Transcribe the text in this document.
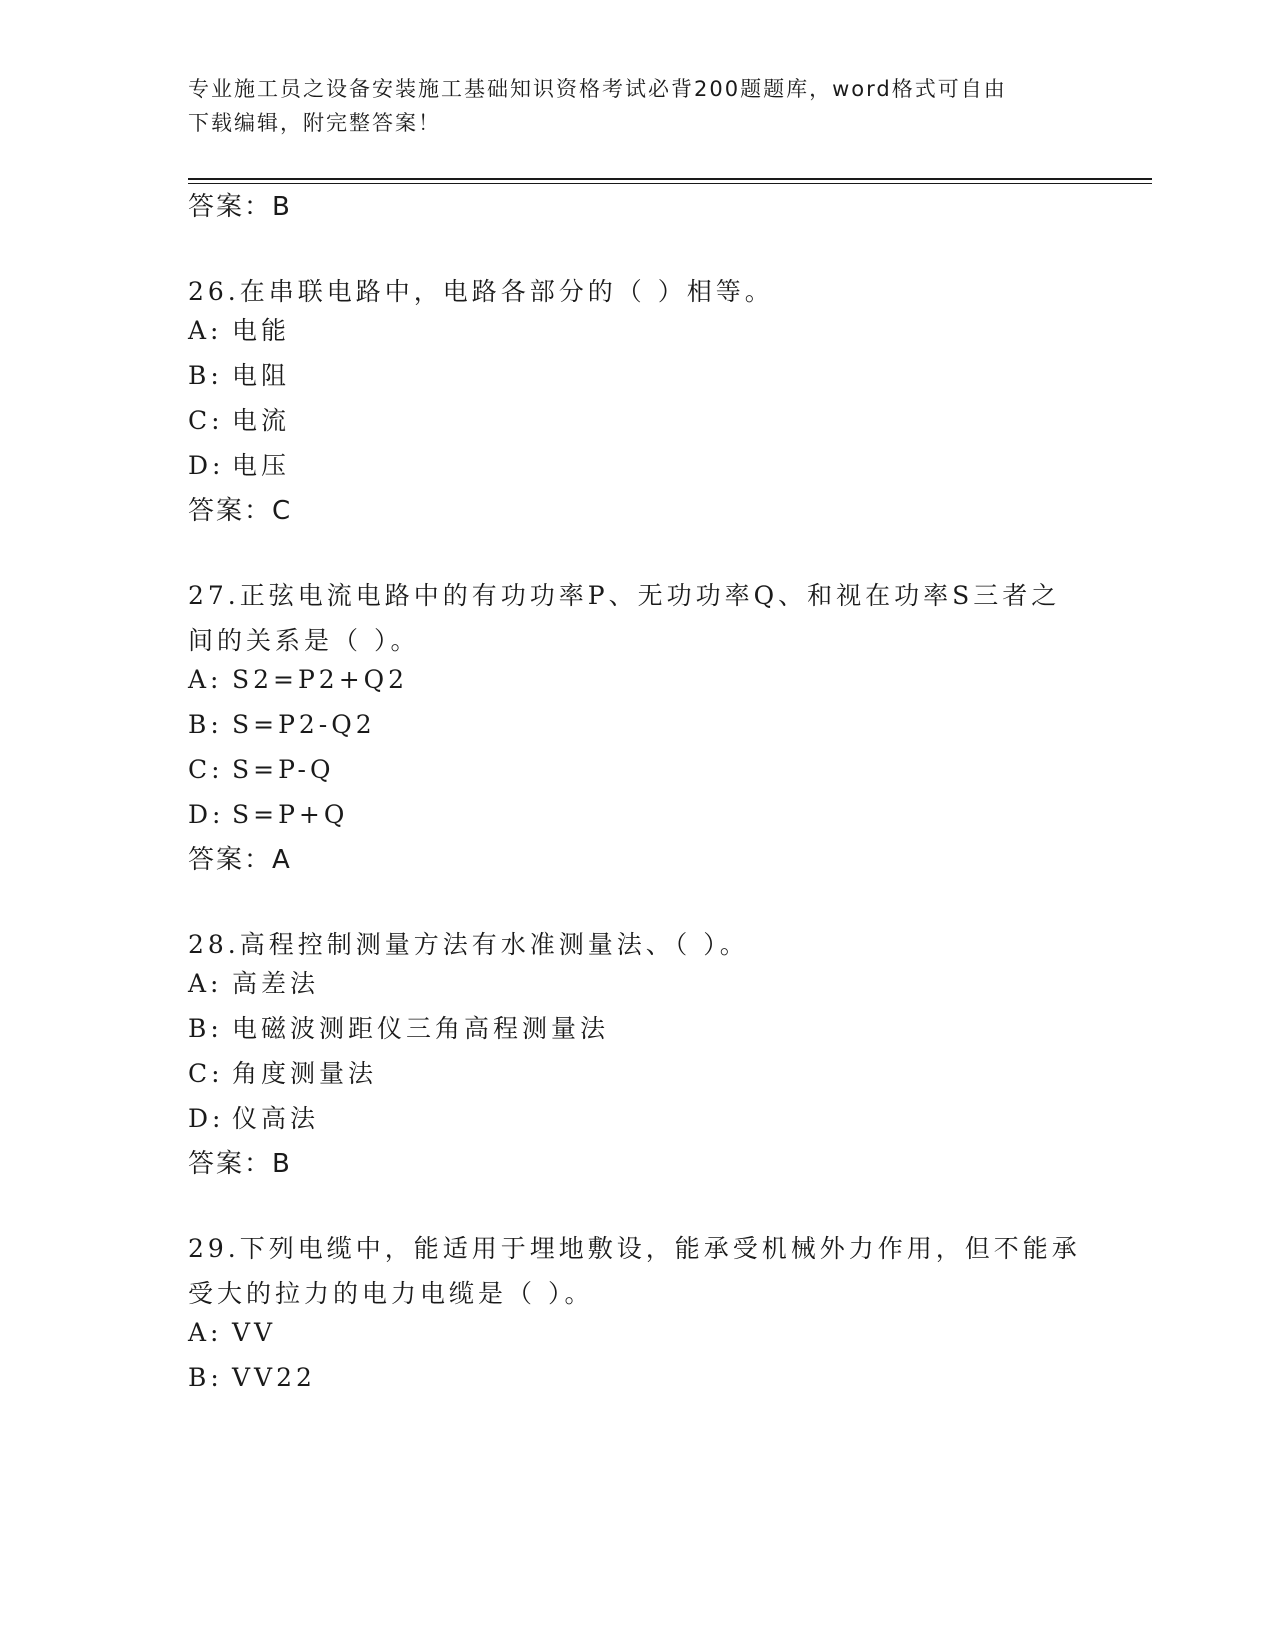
专业施工员之设备安装施工基础知识资格考试必背200题题库，word格式可自由
下载编辑，附完整答案！
答案：B
26.在串联电路中，电路各部分的（ ）相等。
A: 电能
B: 电阻
C: 电流
D: 电压
答案：C
27.正弦电流电路中的有功功率P、无功功率Q、和视在功率S三者之
间的关系是（ ）。
A: S2=P2+Q2
B: S=P2-Q2
C: S=P-Q
D: S=P+Q
答案：A
28.高程控制测量方法有水准测量法、（ ）。
A: 高差法
B: 电磁波测距仪三角高程测量法
C: 角度测量法
D: 仪高法
答案：B
29.下列电缆中，能适用于埋地敷设，能承受机械外力作用，但不能承
受大的拉力的电力电缆是（ ）。
A: VV
B: VV22
